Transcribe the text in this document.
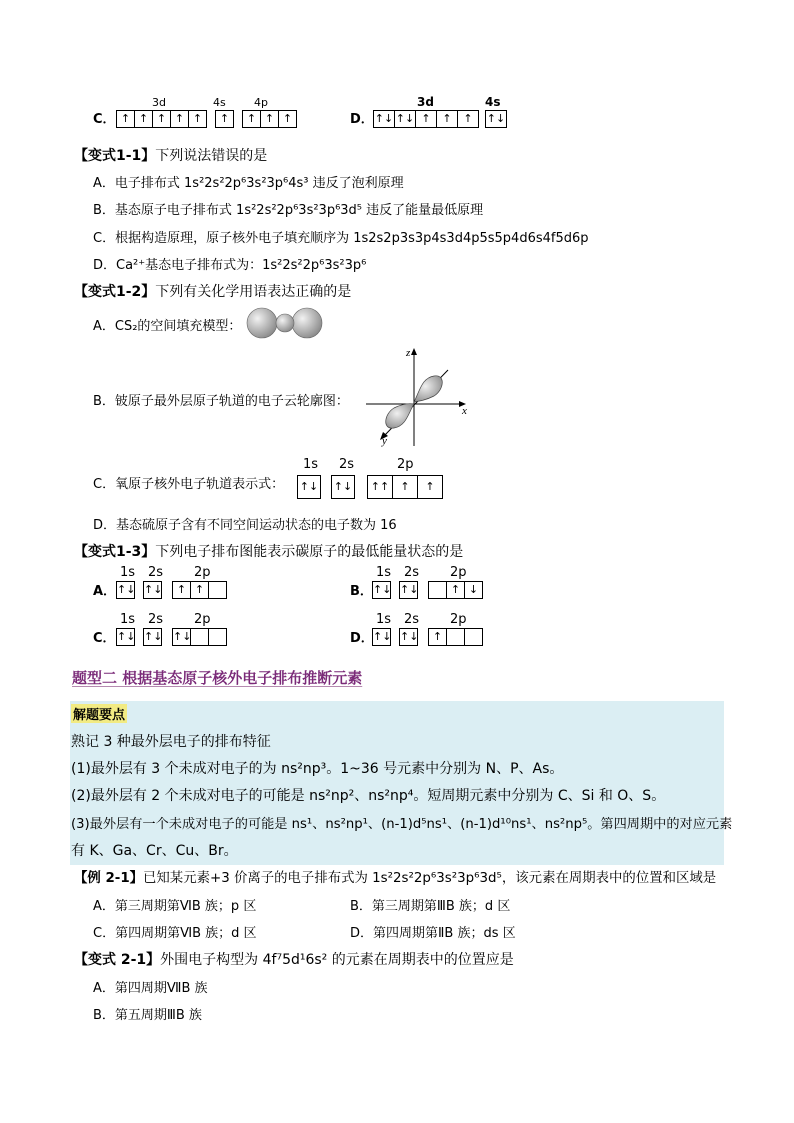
C．
3d	4s	4p
↑ ↑ ↑ ↑ ↑	↑	↑ ↑ ↑	D．
3d	4s
↑↓ ↑↓ ↑	↑	↑	↑↓
【变式1-1】下列说法错误的是
A．电子排布式 1s²2s²2p⁶3s²3p⁶4s³ 违反了泡利原理
B．基态原子电子排布式 1s²2s²2p⁶3s²3p⁶3d⁵ 违反了能量最低原理
C．根据构造原理，原子核外电子填充顺序为 1s2s2p3s3p4s3d4p5s5p4d6s4f5d6p
D．Ca²⁺基态电子排布式为：1s²2s²2p⁶3s²3p⁶
【变式1-2】下列有关化学用语表达正确的是
A．CS₂的空间填充模型：
B．铍原子最外层原子轨道的电子云轮廓图：
z
x
y
C．氧原子核外电子轨道表示式：
1s 2s	2p
↑↓ ↑↓ ↑↑	↑	↑
D．基态硫原子含有不同空间运动状态的电子数为 16
【变式1-3】下列电子排布图能表示碳原子的最低能量状态的是
A．
1s 2s 2p
↑↓ ↑↓	↑ ↑	B．
1s 2s 2p
↑↓ ↑↓	↑ ↓
C．
1s 2s 2p
↑↓ ↑↓ ↑↓	D．
1s 2s 2p
↑↓ ↑↓	↑
题型二 根据基态原子核外电子排布推断元素
解题要点
熟记 3 种最外层电子的排布特征
(1)最外层有 3 个未成对电子的为 ns²np³。1~36 号元素中分别为 N、P、As。
(2)最外层有 2 个未成对电子的可能是 ns²np²、ns²np⁴。短周期元素中分别为 C、Si 和 O、S。
(3)最外层有一个未成对电子的可能是 ns¹、ns²np¹、(n-1)d⁵ns¹、(n-1)d¹⁰ns¹、ns²np⁵。第四周期中的对应元素
有 K、Ga、Cr、Cu、Br。
【例 2-1】已知某元素+3 价离子的电子排布式为 1s²2s²2p⁶3s²3p⁶3d⁵，该元素在周期表中的位置和区域是
A．第三周期第ⅥB 族；p 区	B．第三周期第ⅢB 族；d 区
C．第四周期第ⅥB 族；d 区	D．第四周期第ⅡB 族；ds 区
【变式 2-1】外围电子构型为 4f⁷5d¹6s² 的元素在周期表中的位置应是
A．第四周期ⅦB 族
B．第五周期ⅢB 族
